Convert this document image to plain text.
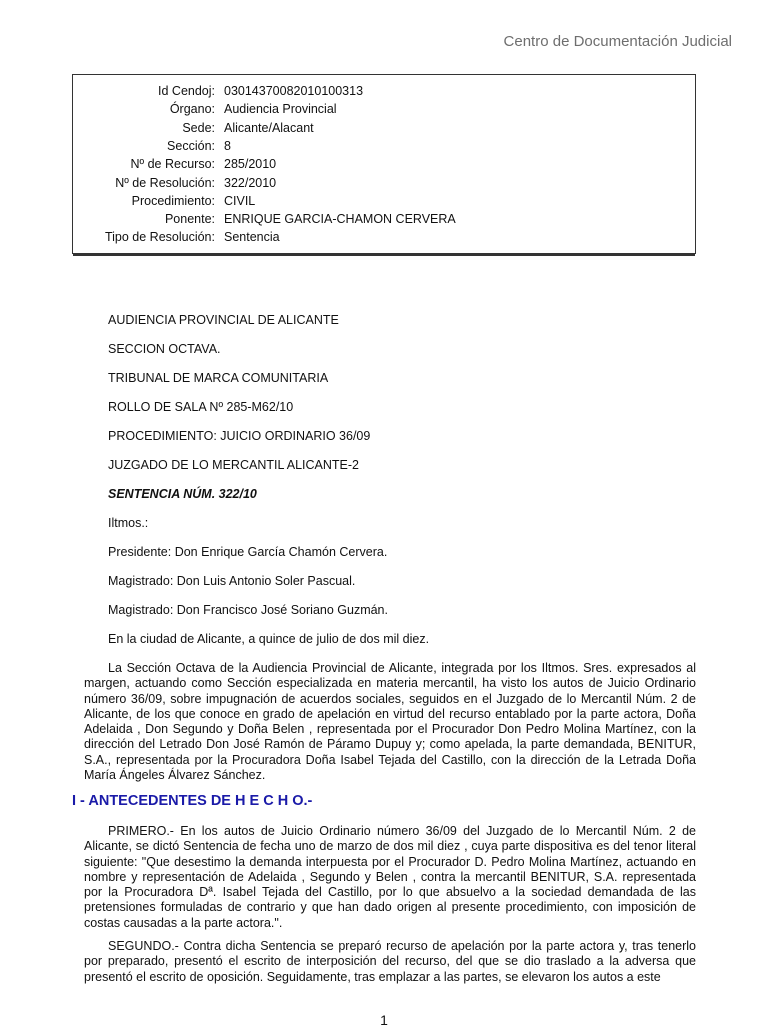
Centro de Documentación Judicial
Id Cendoj: 03014370082010100313
Órgano: Audiencia Provincial
Sede: Alicante/Alacant
Sección: 8
Nº de Recurso: 285/2010
Nº de Resolución: 322/2010
Procedimiento: CIVIL
Ponente: ENRIQUE GARCIA-CHAMON CERVERA
Tipo de Resolución: Sentencia
AUDIENCIA PROVINCIAL DE ALICANTE
SECCION OCTAVA.
TRIBUNAL DE MARCA COMUNITARIA
ROLLO DE SALA Nº 285-M62/10
PROCEDIMIENTO: JUICIO ORDINARIO 36/09
JUZGADO DE LO MERCANTIL ALICANTE-2
SENTENCIA NÚM. 322/10
Iltmos.:
Presidente: Don Enrique García Chamón Cervera.
Magistrado: Don Luis Antonio Soler Pascual.
Magistrado: Don Francisco José Soriano Guzmán.
En la ciudad de Alicante, a quince de julio de dos mil diez.
La Sección Octava de la Audiencia Provincial de Alicante, integrada por los Iltmos. Sres. expresados al margen, actuando como Sección especializada en materia mercantil, ha visto los autos de Juicio Ordinario número 36/09, sobre impugnación de acuerdos sociales, seguidos en el Juzgado de lo Mercantil Núm. 2 de Alicante, de los que conoce en grado de apelación en virtud del recurso entablado por la parte actora, Doña Adelaida , Don Segundo y Doña Belen , representada por el Procurador Don Pedro Molina Martínez, con la dirección del Letrado Don José Ramón de Páramo Dupuy y; como apelada, la parte demandada, BENITUR, S.A., representada por la Procuradora Doña Isabel Tejada del Castillo, con la dirección de la Letrada Doña María Ángeles Álvarez Sánchez.
I - ANTECEDENTES DE H E C H O.-
PRIMERO.- En los autos de Juicio Ordinario número 36/09 del Juzgado de lo Mercantil Núm. 2 de Alicante, se dictó Sentencia de fecha uno de marzo de dos mil diez , cuya parte dispositiva es del tenor literal siguiente: "Que desestimo la demanda interpuesta por el Procurador D. Pedro Molina Martínez, actuando en nombre y representación de Adelaida , Segundo y Belen , contra la mercantil BENITUR, S.A. representada por la Procuradora Dª. Isabel Tejada del Castillo, por lo que absuelvo a la sociedad demandada de las pretensiones formuladas de contrario y que han dado origen al presente procedimiento, con imposición de costas causadas a la parte actora.".
SEGUNDO.- Contra dicha Sentencia se preparó recurso de apelación por la parte actora y, tras tenerlo por preparado, presentó el escrito de interposición del recurso, del que se dio traslado a la adversa que presentó el escrito de oposición. Seguidamente, tras emplazar a las partes, se elevaron los autos a este
1
